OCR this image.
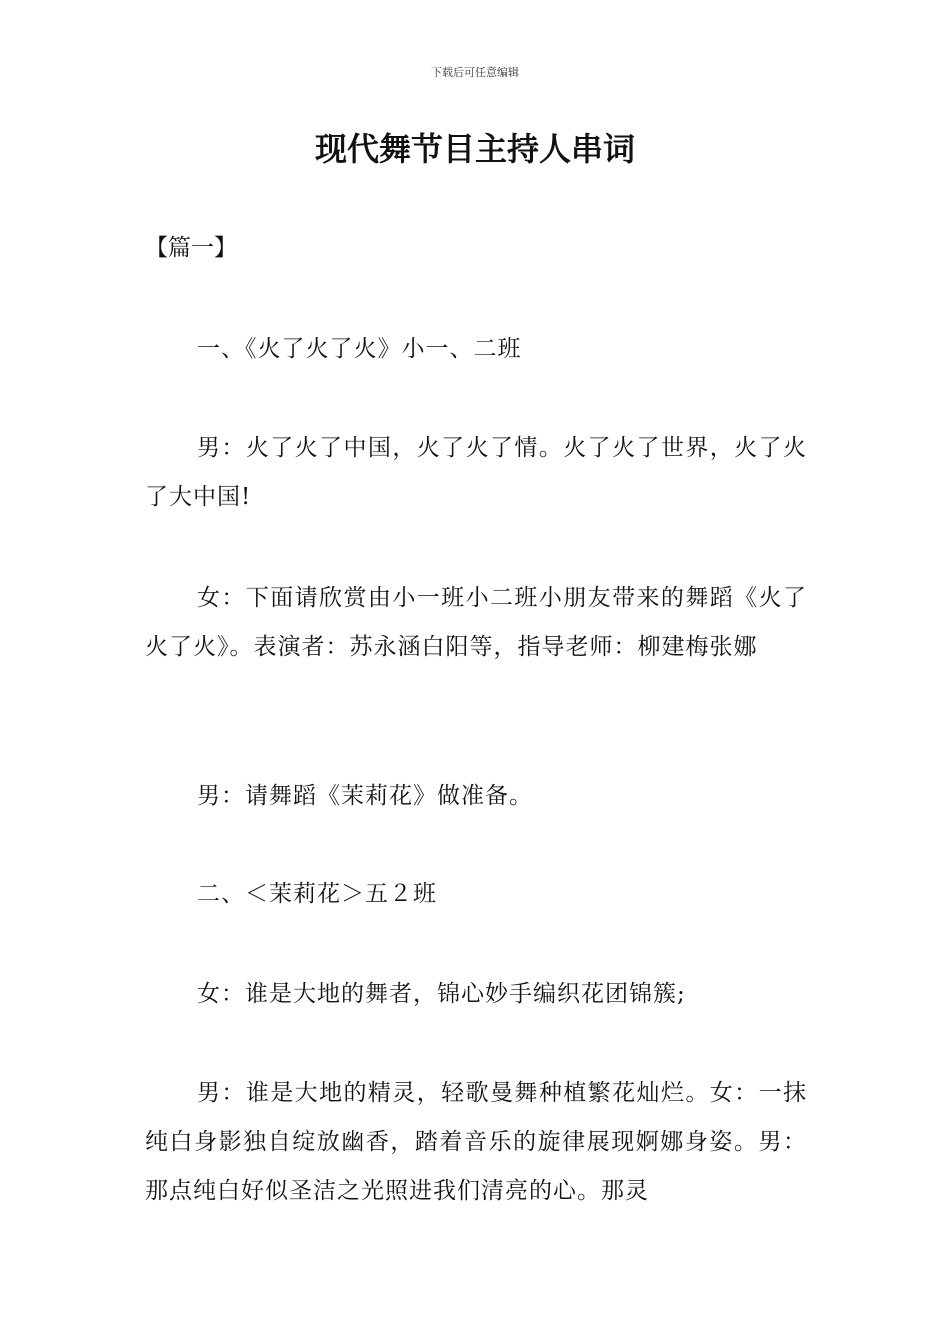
下载后可任意编辑
现代舞节目主持人串词
【篇一】

一、《火了火了火》小一、二班

男：火了火了中国，火了火了情。火了火了世界，火了火了大中国!

女：下面请欣赏由小一班小二班小朋友带来的舞蹈《火了火了火》。表演者：苏永涵白阳等，指导老师：柳建梅张娜

男：请舞蹈《茉莉花》做准备。

二、＜茉莉花＞五２班

女：谁是大地的舞者，锦心妙手编织花团锦簇;

男：谁是大地的精灵，轻歌曼舞种植繁花灿烂。女：一抹纯白身影独自绽放幽香，踏着音乐的旋律展现婀娜身姿。男：那点纯白好似圣洁之光照进我们清亮的心。那灵
